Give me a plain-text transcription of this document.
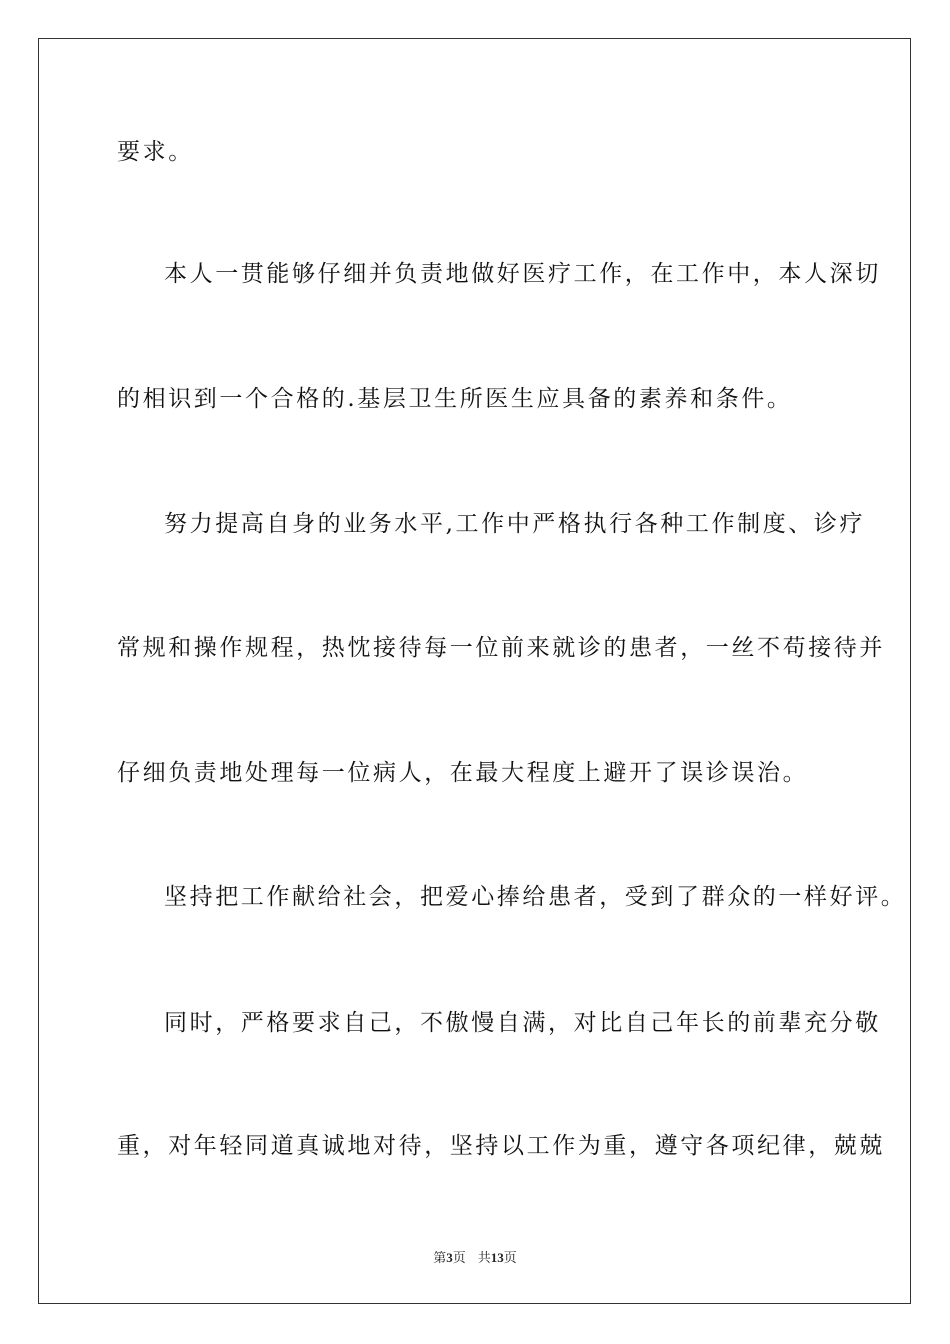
要求。
本人一贯能够仔细并负责地做好医疗工作，在工作中，本人深切
的相识到一个合格的.基层卫生所医生应具备的素养和条件。
努力提高自身的业务水平,工作中严格执行各种工作制度、诊疗
常规和操作规程，热忱接待每一位前来就诊的患者，一丝不苟接待并
仔细负责地处理每一位病人，在最大程度上避开了误诊误治。
坚持把工作献给社会，把爱心捧给患者，受到了群众的一样好评。
同时，严格要求自己，不傲慢自满，对比自己年长的前辈充分敬
重，对年轻同道真诚地对待，坚持以工作为重，遵守各项纪律，兢兢
第3页 共13页
